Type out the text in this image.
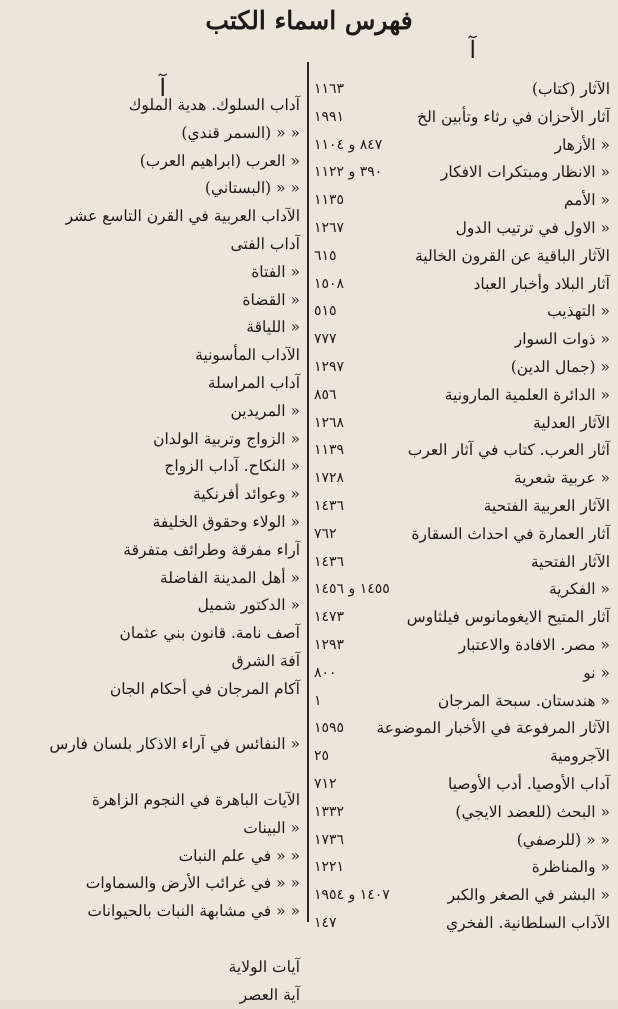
فهرس اسماء الكتب
آ
آ	الآثار (كتاب)
١١٦٣
آثار الأحزان في رثاء وتأبين الخ
١٩٩١
« الأزهار
٨٤٧ و ١١٠٤
« الانظار ومبتكرات الافكار
٣٩٠ و ١١٢٢
« الأمم
١١٣٥
« الاول في ترتيب الدول
١٢٦٧
الآثار الباقية عن القرون الخالية
٦١٥
آثار البلاد وأخبار العباد
١٥٠٨
« التهذيب
٥١٥
« ذوات السوار
٧٧٧
« (جمال الدين)
١٢٩٧
« الدائرة العلمية المارونية
٨٥٦
الآثار العدلية
١٢٦٨
آثار العرب. كتاب في آثار العرب
١١٣٩
« عربية شعرية
١٧٢٨
الآثار العربية الفتحية
١٤٣٦
آثار العمارة في احداث السقارة
٧٦٢
الآثار الفتحية
١٤٣٦
« الفكرية
١٤٥٥ و ١٤٥٦
آثار المتيح الايغومانوس فيلثاوس
١٤٧٣
« مصر. الافادة والاعتبار
١٢٩٣
« نو
٨٠٠
« هندستان. سبحة المرجان
١
الآثار المرفوعة في الأخبار الموضوعة
١٥٩٥
الآجرومية
٢٥
آداب الأوصيا. أدب الأوصيا
٧١٢
« البحث (للعضد الايجي)
١٣٣٢
« « (للرصفي)
١٧٣٦
« والمناظرة
١٢٢١
« البشر في الصغر والكبر
١٤٠٧ و ١٩٥٤
الآداب السلطانية. الفخري
١٤٧
آداب السلوك. هدية الملوك
« « (السمر قندي)
« العرب (ابراهيم العرب)
« « (البستاني)
الآداب العربية في القرن التاسع عشر
آداب الفتى
« الفتاة
« القضاة
« اللياقة
الآداب المأسونية
آداب المراسلة
« المريدين
« الزواج وتربية الولدان
« النكاح. آداب الزواج
« وعوائد أفرنكية
« الولاء وحقوق الخليفة
آراء مفرقة وطرائف متفرقة
« أهل المدينة الفاضلة
« الدكتور شميل
آصف نامة. قانون بني عثمان
آفة الشرق
آكام المرجان في أحكام الجان
« النفائس في آراء الاذكار بلسان فارس
الآيات الباهرة في النجوم الزاهرة
« البينات
« « في علم النبات
« « في غرائب الأرض والسماوات
« « في مشابهة النبات بالحيوانات
آيات الولاية
آية العصر
